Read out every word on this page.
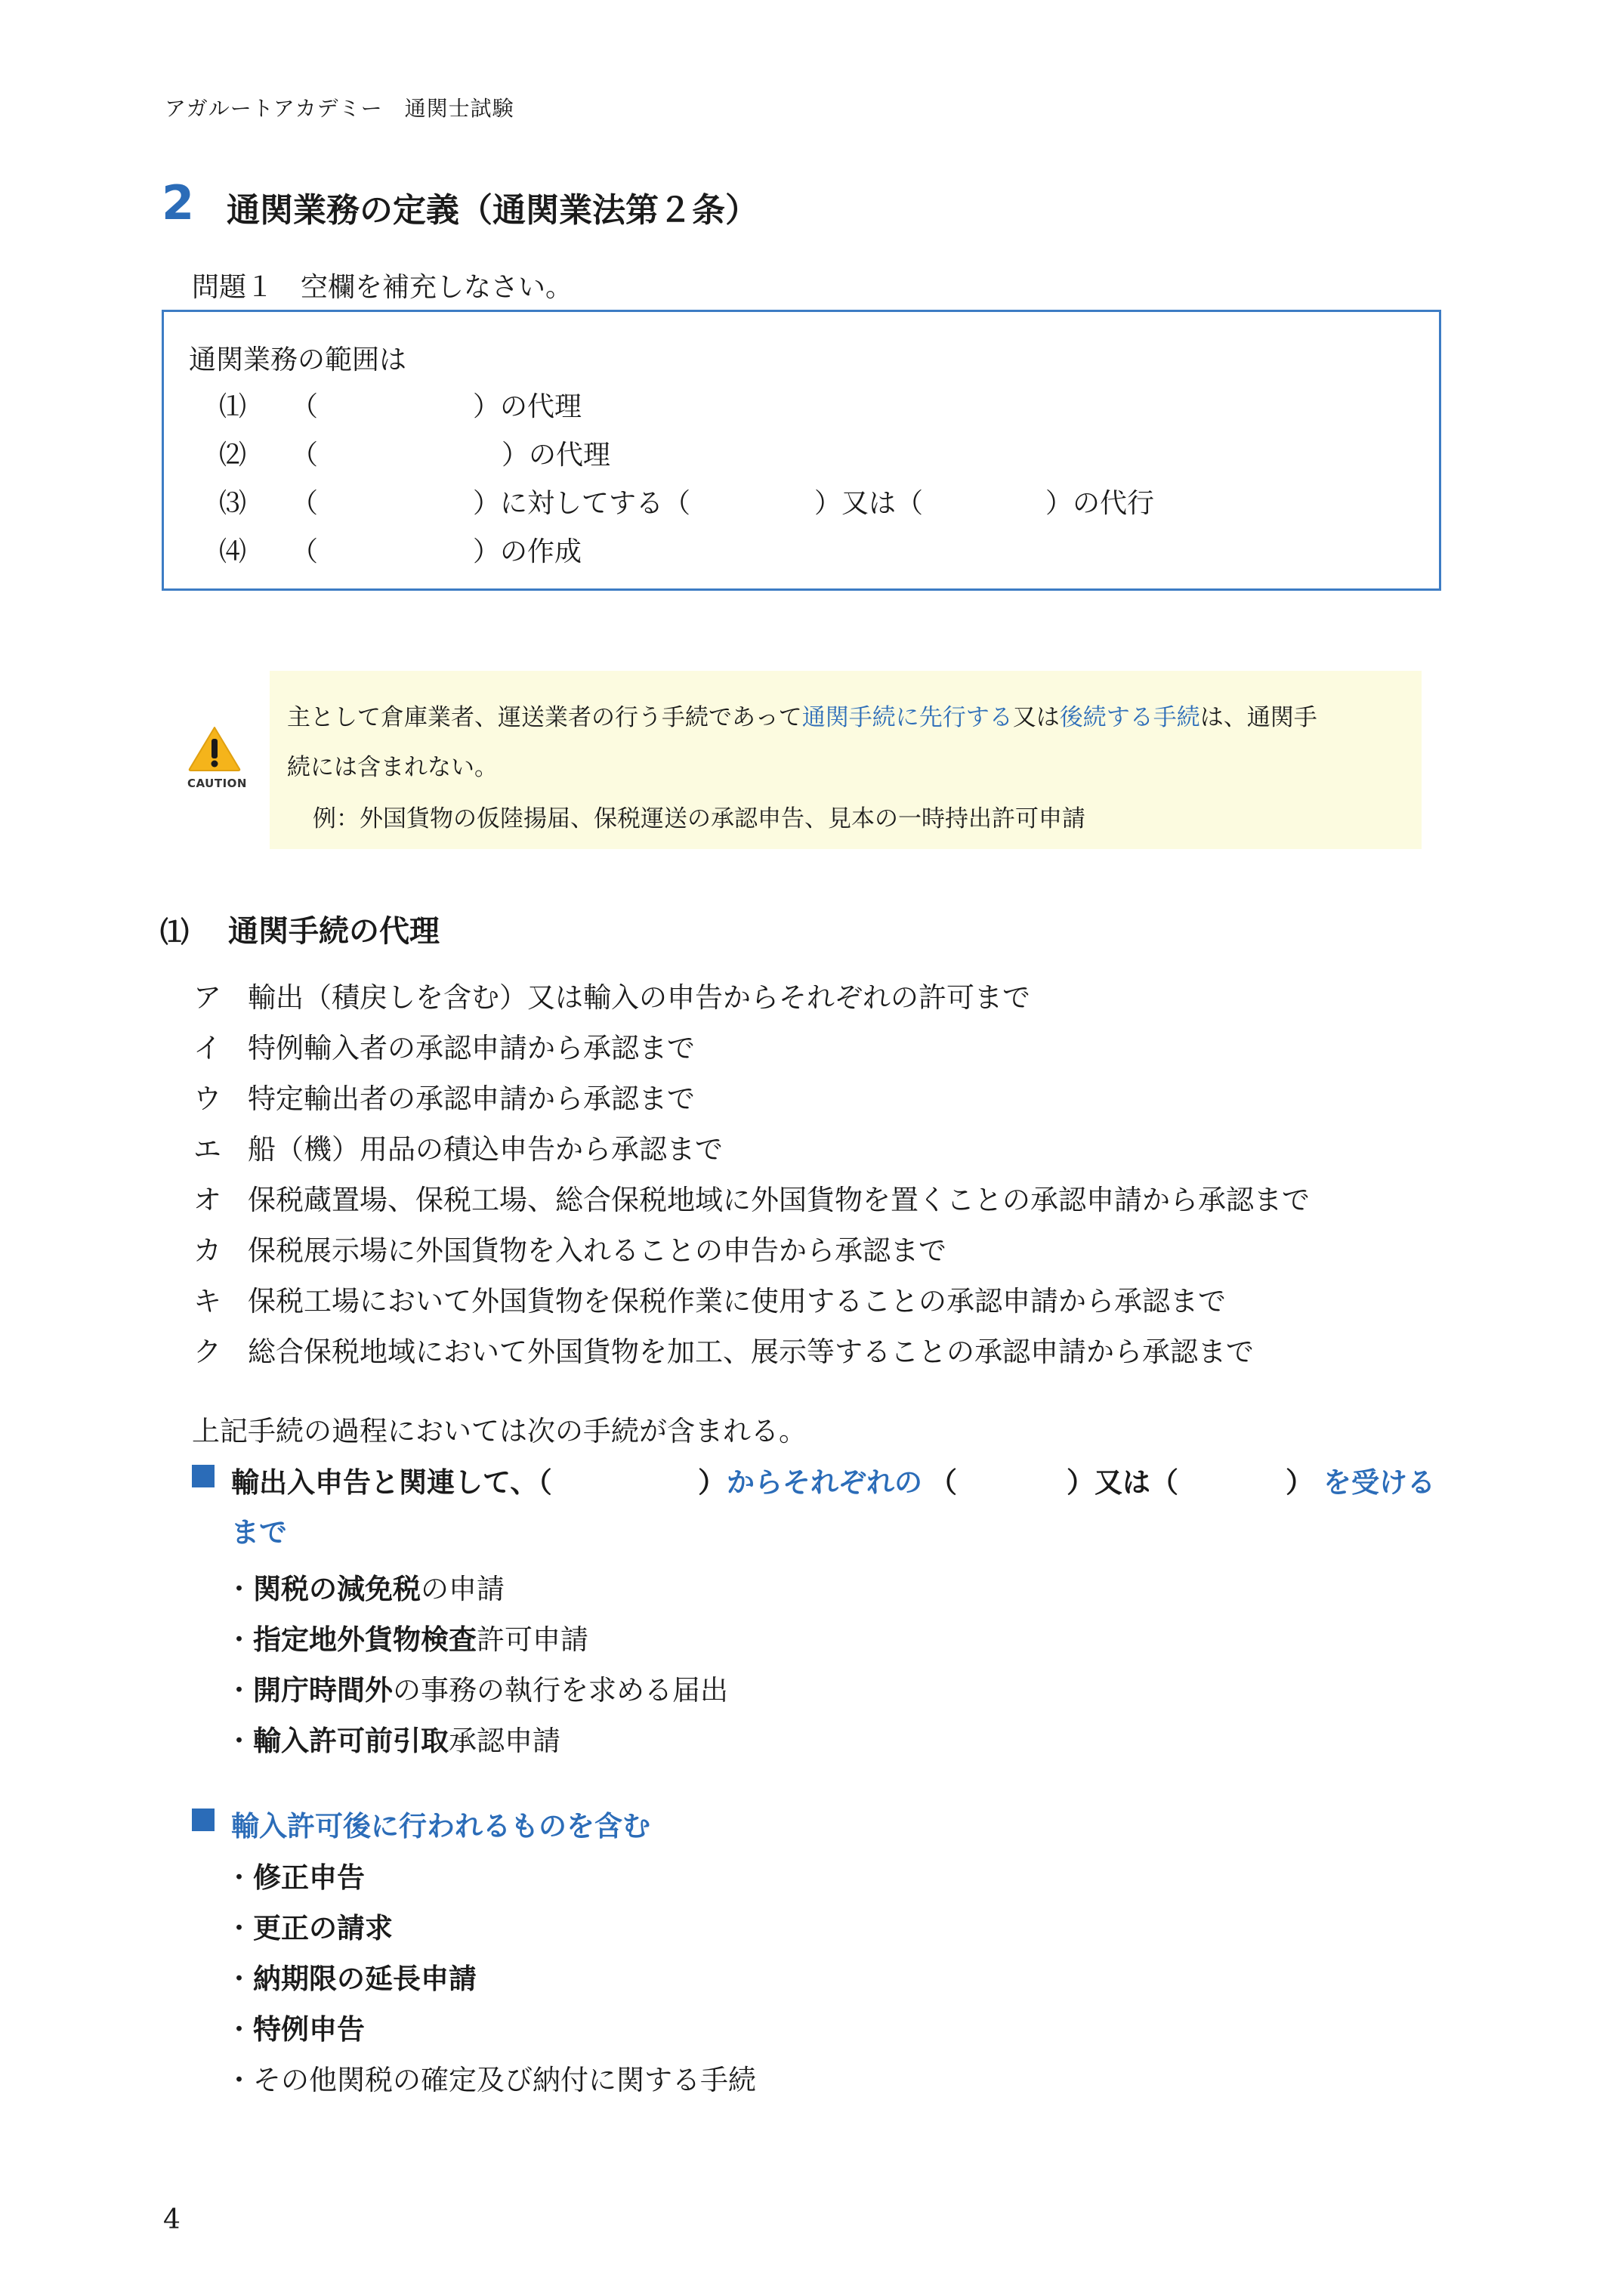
アガルートアカデミー　通関士試験
2 通関業務の定義（通関業法第２条）
問題１　空欄を補充しなさい。
通関業務の範囲は
⑴ （	）の代理
⑵ （	）の代理
⑶ （	）に対してする（	）又は（	）の代行
⑷ （	）の作成
CAUTION
主として倉庫業者、運送業者の行う手続であって通関手続に先行する又は後続する手続は、通関手
続には含まれない。
例：外国貨物の仮陸揚届、保税運送の承認申告、見本の一時持出許可申請
⑴ 通関手続の代理
ア 輸出（積戻しを含む）又は輸入の申告からそれぞれの許可まで
イ 特例輸入者の承認申請から承認まで
ウ 特定輸出者の承認申請から承認まで
エ 船（機）用品の積込申告から承認まで
オ 保税蔵置場、保税工場、総合保税地域に外国貨物を置くことの承認申請から承認まで
カ 保税展示場に外国貨物を入れることの申告から承認まで
キ 保税工場において外国貨物を保税作業に使用することの承認申請から承認まで
ク 総合保税地域において外国貨物を加工、展示等することの承認申請から承認まで
上記手続の過程においては次の手続が含まれる。
輸出入申告と関連して、（	） からそれぞれの （	）又は（	） を受ける
まで
・関税の減免税の申請
・指定地外貨物検査許可申請
・開庁時間外の事務の執行を求める届出
・輸入許可前引取承認申請
輸入許可後に行われるものを含む
・修正申告
・更正の請求
・納期限の延長申請
・特例申告
・その他関税の確定及び納付に関する手続
4
